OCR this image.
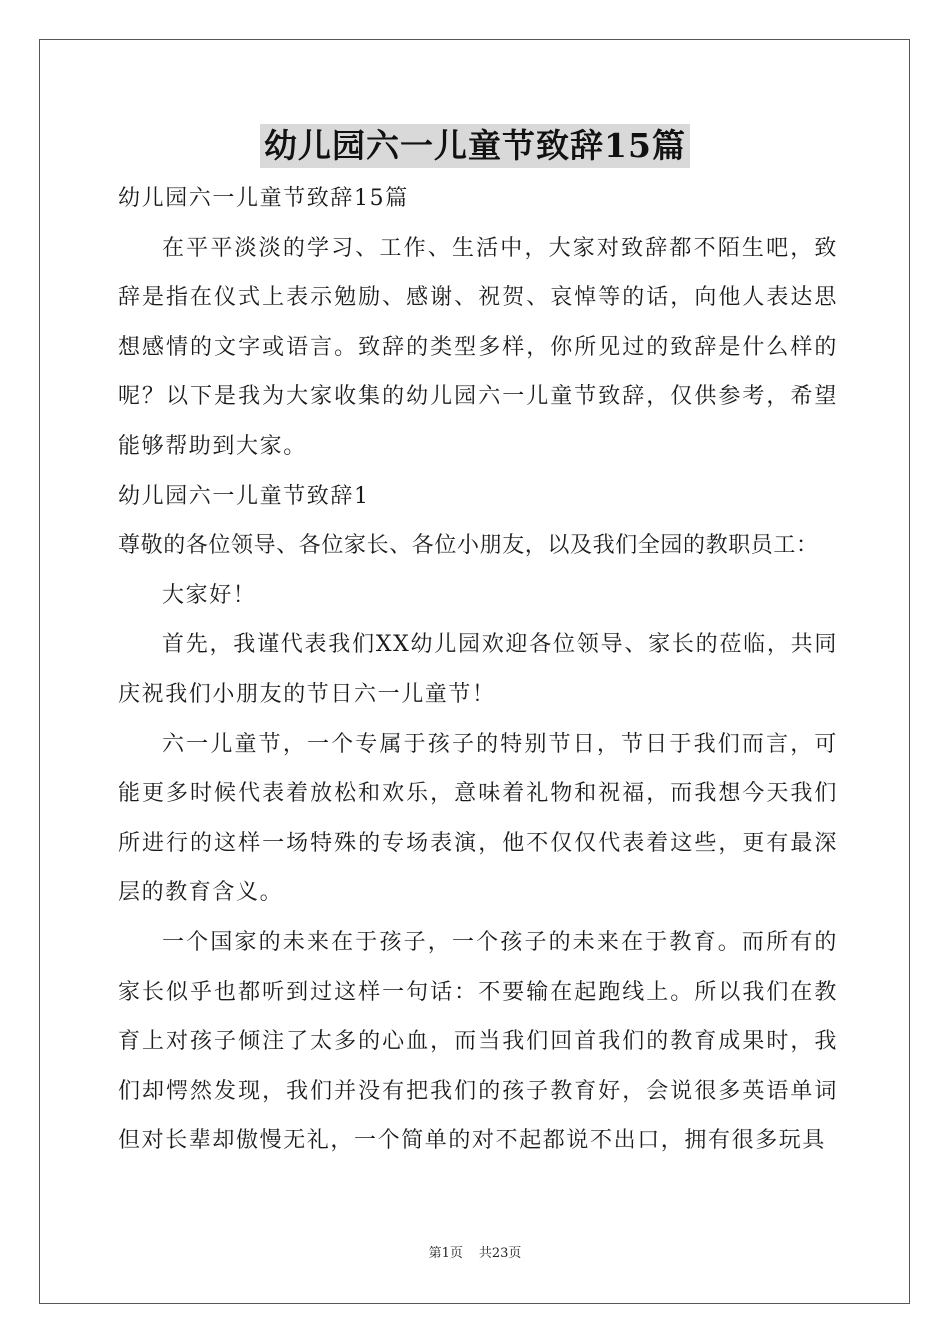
幼儿园六一儿童节致辞15篇

幼儿园六一儿童节致辞15篇

在平平淡淡的学习、工作、生活中，大家对致辞都不陌生吧，致辞是指在仪式上表示勉励、感谢、祝贺、哀悼等的话，向他人表达思想感情的文字或语言。致辞的类型多样，你所见过的致辞是什么样的呢？以下是我为大家收集的幼儿园六一儿童节致辞，仅供参考，希望能够帮助到大家。

幼儿园六一儿童节致辞1

尊敬的各位领导、各位家长、各位小朋友，以及我们全园的教职员工：

大家好！

首先，我谨代表我们XX幼儿园欢迎各位领导、家长的莅临，共同庆祝我们小朋友的节日六一儿童节！

六一儿童节，一个专属于孩子的特别节日，节日于我们而言，可能更多时候代表着放松和欢乐，意味着礼物和祝福，而我想今天我们所进行的这样一场特殊的专场表演，他不仅仅代表着这些，更有最深层的教育含义。

一个国家的未来在于孩子，一个孩子的未来在于教育。而所有的家长似乎也都听到过这样一句话：不要输在起跑线上。所以我们在教育上对孩子倾注了太多的心血，而当我们回首我们的教育成果时，我们却愕然发现，我们并没有把我们的孩子教育好，会说很多英语单词但对长辈却傲慢无礼，一个简单的对不起都说不出口，拥有很多玩具

第1页 共23页
